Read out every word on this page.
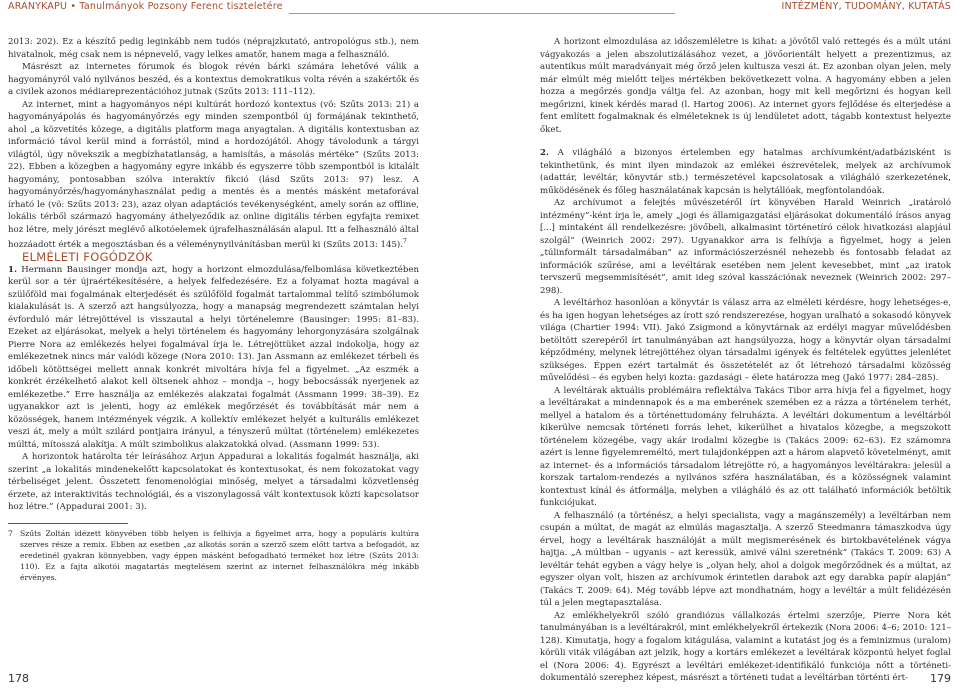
ARANYKAPU • Tanulmányok Pozsony Ferenc tiszteletére	INTÉZMÉNY, TUDOMÁNY, KUTATÁS

2013: 202). Ez a készítő pedig leginkább nem tudós (néprajzkutató, antropológus stb.), nem hivatalnok, még csak nem is népnevelő, vagy lelkes amatőr, hanem maga a felhasználó.

Másrészt az internetes fórumok és blogok révén bárki számára lehetővé válik a hagyományról való nyilvános beszéd, és a kontextus demokratikus volta révén a szakértők és a civilek azonos médiareprezentációhoz jutnak (Szűts 2013: 111–112).

Az internet, mint a hagyományos népi kultúrát hordozó kontextus (vö: Szűts 2013: 21) a hagyományápolás és hagyományőrzés egy minden szempontból új formájának tekinthető, ahol „a közvetítés közege, a digitális platform maga anyagtalan. A digitális kontextusban az információ távol kerül mind a forrástól, mind a hordozójától. Ahogy távolodunk a tárgyi világtól, úgy növekszik a megbízhatatlanság, a hamisítás, a másolás mértéke” (Szűts 2013: 22). Ebben a közegben a hagyomány egyre inkább és egyszerre több szempontból is kitalált hagyomány, pontosabban szólva interaktív fikció (lásd Szűts 2013: 97) lesz. A hagyományőrzés/hagyományhasználat pedig a mentés és a mentés másként metaforával írható le (vö: Szűts 2013: 23), azaz olyan adaptációs tevékenységként, amely során az offline, lokális térből származó hagyomány áthelyeződik az online digitális térben egyfajta remixet hoz létre, mely jórészt meglévő alkotóelemek újrafelhasználásán alapul. Itt a felhasználó által hozzáadott érték a megosztásban és a véleménynyilvánításban merül ki (Szűts 2013: 145).$^7$

ELMÉLETI FOGÓDZÓK

1. Hermann Bausinger mondja azt, hogy a horizont elmozdulása/felbomlása következtében kerül sor a tér újraértékesítésére, a helyek felfedezésére. Ez a folyamat hozta magával a szülőföld mai fogalmának elterjedését és szülőföld fogalmát tartalommal telítő szimbólumok kialakulását is. A szerző azt hangsúlyozza, hogy a manapság megrendezett számtalan helyi évforduló már létrejöttével is visszautal a helyi történelemre (Bausinger: 1995: 81–83). Ezeket az eljárásokat, melyek a helyi történelem és hagyomány lehorgonyzására szolgálnak Pierre Nora az emlékezés helyei fogalmával írja le. Létrejöttüket azzal indokolja, hogy az emlékezetnek nincs már valódi közege (Nora 2010: 13). Jan Assmann az emlékezet térbeli és időbeli kötöttségei mellett annak konkrét mivoltára hívja fel a figyelmet. „Az eszmék a konkrét érzékelhető alakot kell öltsenek ahhoz – mondja –, hogy bebocsássák nyerjenek az emlékezetbe.” Erre használja az emlékezés alakzatai fogalmát (Assmann 1999: 38–39). Ez ugyanakkor azt is jelenti, hogy az emlékek megőrzését és továbbítását már nem a közösségek, hanem intézmények végzik. A kollektív emlékezet helyét a kulturális emlékezet veszi át, mely a múlt szilárd pontjaira irányul, a tényszerű múltat (történelem) emlékezetes múlttá, mítosszá alakítja. A múlt szimbolikus alakzatokká olvad. (Assmann 1999: 53).

A horizontok határolta tér leírásához Arjun Appadurai a lokalitás fogalmát használja, aki szerint „a lokalitás mindenekelőtt kapcsolatokat és kontextusokat, és nem fokozatokat vagy térbeliséget jelent. Összetett fenomenológiai minőség, melyet a társadalmi közvetlenség érzete, az interaktivitás technológiái, és a viszonylagossá vált kontextusok közti kapcsolatsor hoz létre.” (Appadurai 2001: 3).

7 Szűts Zoltán idézett könyvében több helyen is felhívja a figyelmet arra, hogy a populáris kultúra szerves része a remix. Ebben az esetben „az alkotás során a szerző szem előtt tartva a befogadót, az eredetinél gyakran könnyebben, vagy éppen másként befogadható terméket hoz létre (Szűts 2013: 110). Ez a fajta alkotói magatartás megtelésem szerint az internet felhasználókra még inkább érvényes.

A horizont elmozdulása az időszemléletre is kihat: a jövőtől való rettegés és a múlt utáni vágyakozás a jelen abszolutizálásához vezet, a jövőorientált helyett a prezentizmus, az autentikus múlt maradványait még őrző jelen kultusza veszi át. Ez azonban olyan jelen, mely már elmúlt még mielőtt teljes mértékben bekövetkezett volna. A hagyomány ebben a jelen hozza a megőrzés gondja váltja fel. Az azonban, hogy mit kell megőrizni és hogyan kell megőrizni, kinek kérdés marad (l. Hartog 2006). Az internet gyors fejlődése és elterjedése a fent említett fogalmaknak és elméleteknek is új lendületet adott, tágabb kontextust helyezte őket.

2. A világháló a bizonyos értelemben egy hatalmas archívumként/adatbázisként is tekinthetünk, és mint ilyen mindazok az emlékei észrevételek, melyek az archívumok (adattár, levéltár, könyvtár stb.) természetével kapcsolatosak a világháló szerkezetének, működésének és főleg használatának kapcsán is helytállóak, megfontolandóak.

Az archívumot a felejtés művészetéről írt könyvében Harald Weinrich „iratároló intézmény”-ként írja le, amely „jogi és államigazgatási eljárásokat dokumentáló írásos anyag [...] mintaként áll rendelkezésre: jövőbeli, alkalmasint történetíró célok hivatkozási alapjául szolgál” (Weinrich 2002: 297). Ugyanakkor arra is felhívja a figyelmet, hogy a jelen „túlinformált társadalmában” az információszerzésnél nehezebb és fontosabb feladat az információk szűrése, ami a levéltárak esetében nem jelent kevesebbet, mint „az iratok tervszerű megsemmisítését”, amit ideg szóval kasszációnak neveznek (Weinrich 2002: 297–298).

A levéltárhoz hasonlóan a könyvtár is válasz arra az elméleti kérdésre, hogy lehetséges-e, és ha igen hogyan lehetséges az írott szó rendszerezése, hogyan uralható a sokasodó könyvek világa (Chartier 1994: VII). Jakó Zsigmond a könyvtárnak az erdélyi magyar művelődésben betöltött szerepéről írt tanulmányában azt hangsúlyozza, hogy a könyvtár olyan társadalmi képződmény, melynek létrejöttéhez olyan társadalmi igények és feltételek együttes jelenlétet szükséges. Éppen ezért tartalmát és összetételét az őt létrehozó társadalmi közösség művelődési – és egyben helyi kozta: gazdasági – élete határozza meg (Jakó 1977: 284–285).

A levéltárak aktuális problémáira reflektálva Takács Tibor arra hívja fel a figyelmet, hogy a levéltárakat a mindennapok és a ma emberének szemében ez a rázza a történelem terhét, mellyel a hatalom és a történettudomány felruházta. A levéltári dokumentum a levéltárból kikerülve nemcsak történeti forrás lehet, kikerülhet a hivatalos közegbe, a megszokott történelem közegébe, vagy akár irodalmi közegbe is (Takács 2009: 62–63). Ez számomra azért is lenne figyelemreméltó, mert tulajdonképpen azt a három alapvető követelményt, amit az internet- és a információs társadalom létrejötte ró, a hagyományos levéltárakra: jelesül a korszak tartalom-rendezés a nyilvános szféra használatában, és a közösségnek valamint kontextust kínál és átformálja, melyben a világháló és az ott található információk betöltik funkciójukat.

A felhasználó (a történész, a helyi specialista, vagy a magánszemély) a levéltárban nem csupán a múltat, de magát az elmúlás magasztalja. A szerző Steedmanra támaszkodva úgy érvel, hogy a levéltárak használóját a múlt megismerésének és birtokbavételének vágya hajtja. „A múltban – ugyanis – azt keressük, amivé válni szeretnénk” (Takács T. 2009: 63) A levéltár tehát egyben a vágy helye is „olyan hely, ahol a dolgok megőrződnek és a múltat, az egyszer olyan volt, hiszen az archívumok érintetlen darabok azt egy darabka papír alapján” (Takács T. 2009: 64). Még tovább lépve azt mondhatnám, hogy a levéltár a múlt felidézésén túl a jelen megtapasztalása.

Az emlékhelyekről szóló grandiózus vállalkozás értelmi szerzője, Pierre Nora két tanulmányában is a levéltárakról, mint emlékhelyekről értekezik (Nora 2006: 4–6; 2010: 121–128). Kimutatja, hogy a fogalom kitágulása, valamint a kutatást jog és a feminizmus (uralom) körüli viták világában azt jelzik, hogy a kortárs emlékezet a levéltárak központú helyet foglal el (Nora 2006: 4). Egyrészt a levéltári emlékezet-identifikáló funkciója nőtt a történeti-dokumentáló szerephez képest, másrészt a történeti tudat a levéltárban történti ért-

178	179
